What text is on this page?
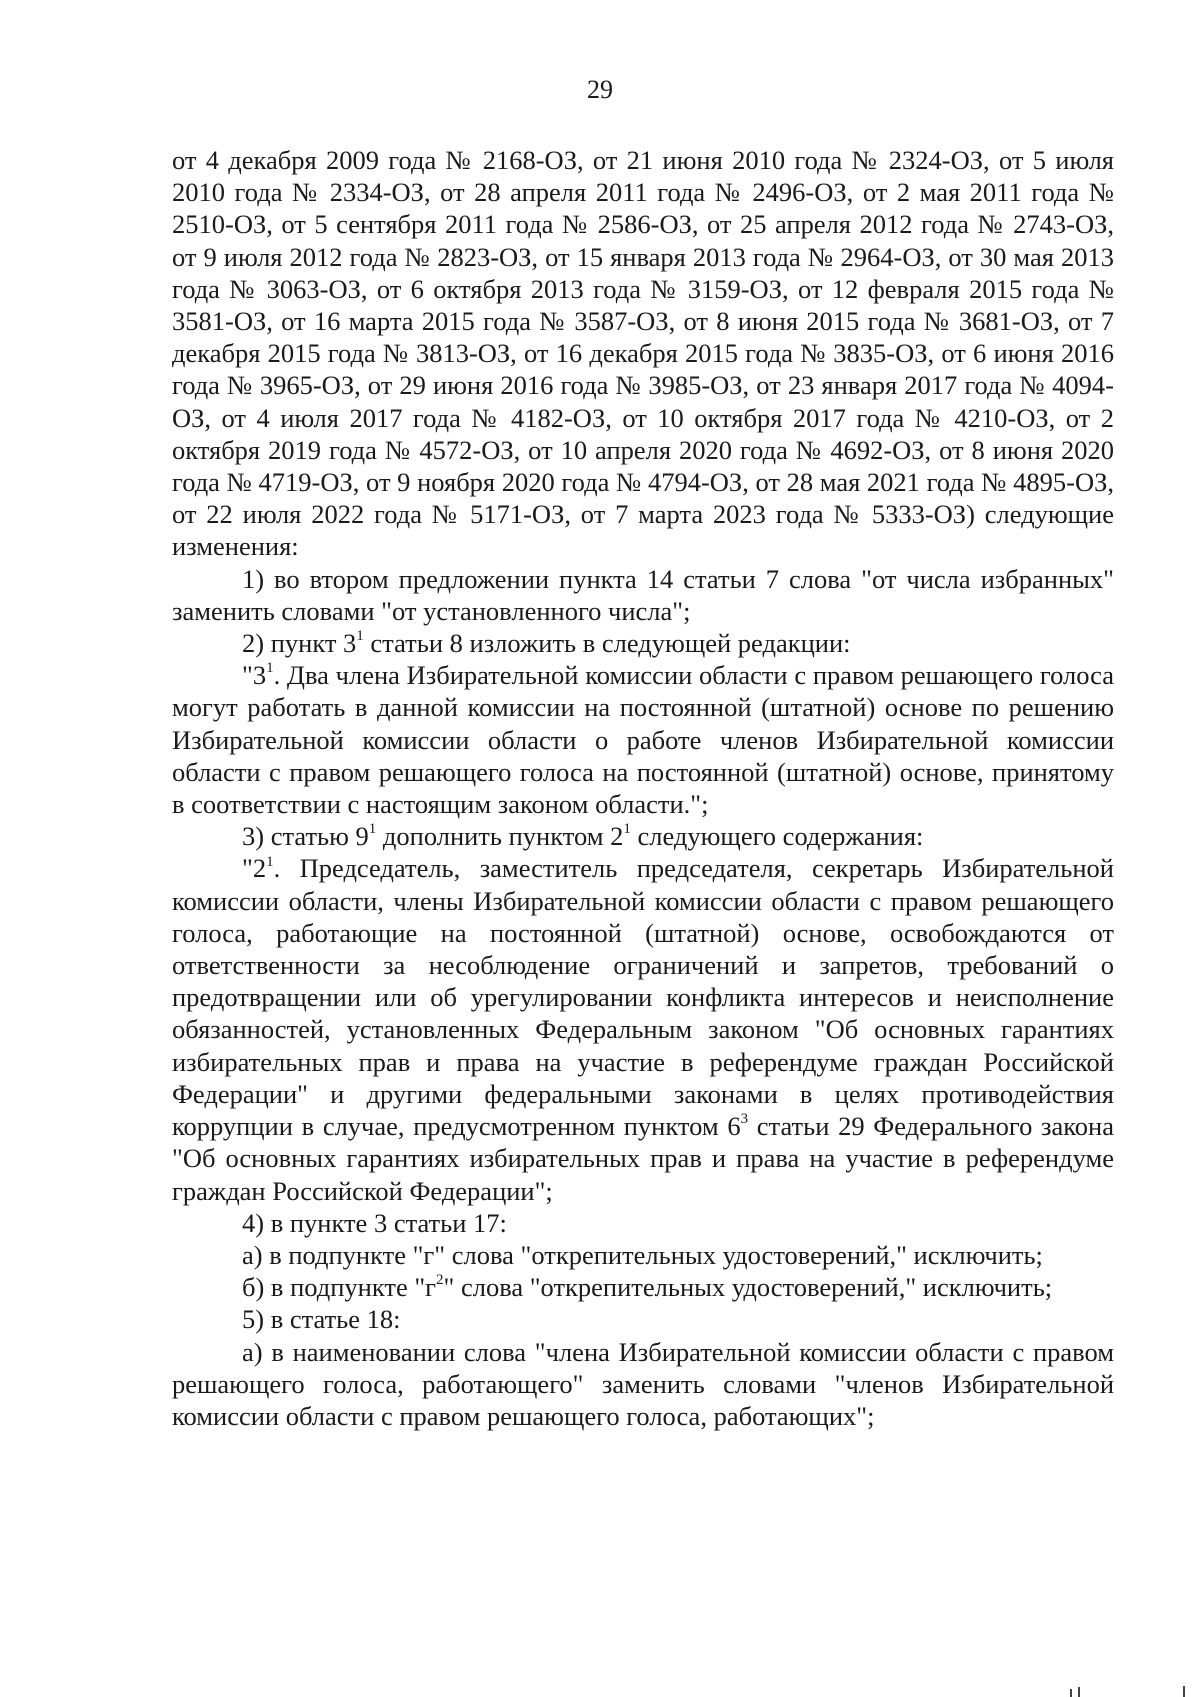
29

от 4 декабря 2009 года № 2168-ОЗ, от 21 июня 2010 года № 2324-ОЗ, от 5 июля 2010 года № 2334-ОЗ, от 28 апреля 2011 года № 2496-ОЗ, от 2 мая 2011 года № 2510-ОЗ, от 5 сентября 2011 года № 2586-ОЗ, от 25 апреля 2012 года № 2743-ОЗ, от 9 июля 2012 года № 2823-ОЗ, от 15 января 2013 года № 2964-ОЗ, от 30 мая 2013 года № 3063-ОЗ, от 6 октября 2013 года № 3159-ОЗ, от 12 февраля 2015 года № 3581-ОЗ, от 16 марта 2015 года № 3587-ОЗ, от 8 июня 2015 года № 3681-ОЗ, от 7 декабря 2015 года № 3813-ОЗ, от 16 декабря 2015 года № 3835-ОЗ, от 6 июня 2016 года № 3965-ОЗ, от 29 июня 2016 года № 3985-ОЗ, от 23 января 2017 года № 4094-ОЗ, от 4 июля 2017 года № 4182-ОЗ, от 10 октября 2017 года № 4210-ОЗ, от 2 октября 2019 года № 4572-ОЗ, от 10 апреля 2020 года № 4692-ОЗ, от 8 июня 2020 года № 4719-ОЗ, от 9 ноября 2020 года № 4794-ОЗ, от 28 мая 2021 года № 4895-ОЗ, от 22 июля 2022 года № 5171-ОЗ, от 7 марта 2023 года № 5333-ОЗ) следующие изменения:

1) во втором предложении пункта 14 статьи 7 слова "от числа избранных" заменить словами "от установленного числа";

2) пункт $3^1$ статьи 8 изложить в следующей редакции:

"$3^1$. Два члена Избирательной комиссии области с правом решающего голоса могут работать в данной комиссии на постоянной (штатной) основе по решению Избирательной комиссии области о работе членов Избирательной комиссии области с правом решающего голоса на постоянной (штатной) основе, принятому в соответствии с настоящим законом области.";

3) статью $9^1$ дополнить пунктом $2^1$ следующего содержания:

"$2^1$. Председатель, заместитель председателя, секретарь Избирательной комиссии области, члены Избирательной комиссии области с правом решающего голоса, работающие на постоянной (штатной) основе, освобождаются от ответственности за несоблюдение ограничений и запретов, требований о предотвращении или об урегулировании конфликта интересов и неисполнение обязанностей, установленных Федеральным законом "Об основных гарантиях избирательных прав и права на участие в референдуме граждан Российской Федерации" и другими федеральными законами в целях противодействия коррупции в случае, предусмотренном пунктом $6^3$ статьи 29 Федерального закона "Об основных гарантиях избирательных прав и права на участие в референдуме граждан Российской Федерации";

4) в пункте 3 статьи 17:

а) в подпункте "г" слова "открепительных удостоверений," исключить;

б) в подпункте "$г^2$" слова "открепительных удостоверений," исключить;

5) в статье 18:

а) в наименовании слова "члена Избирательной комиссии области с правом решающего голоса, работающего" заменить словами "членов Избирательной комиссии области с правом решающего голоса, работающих";
